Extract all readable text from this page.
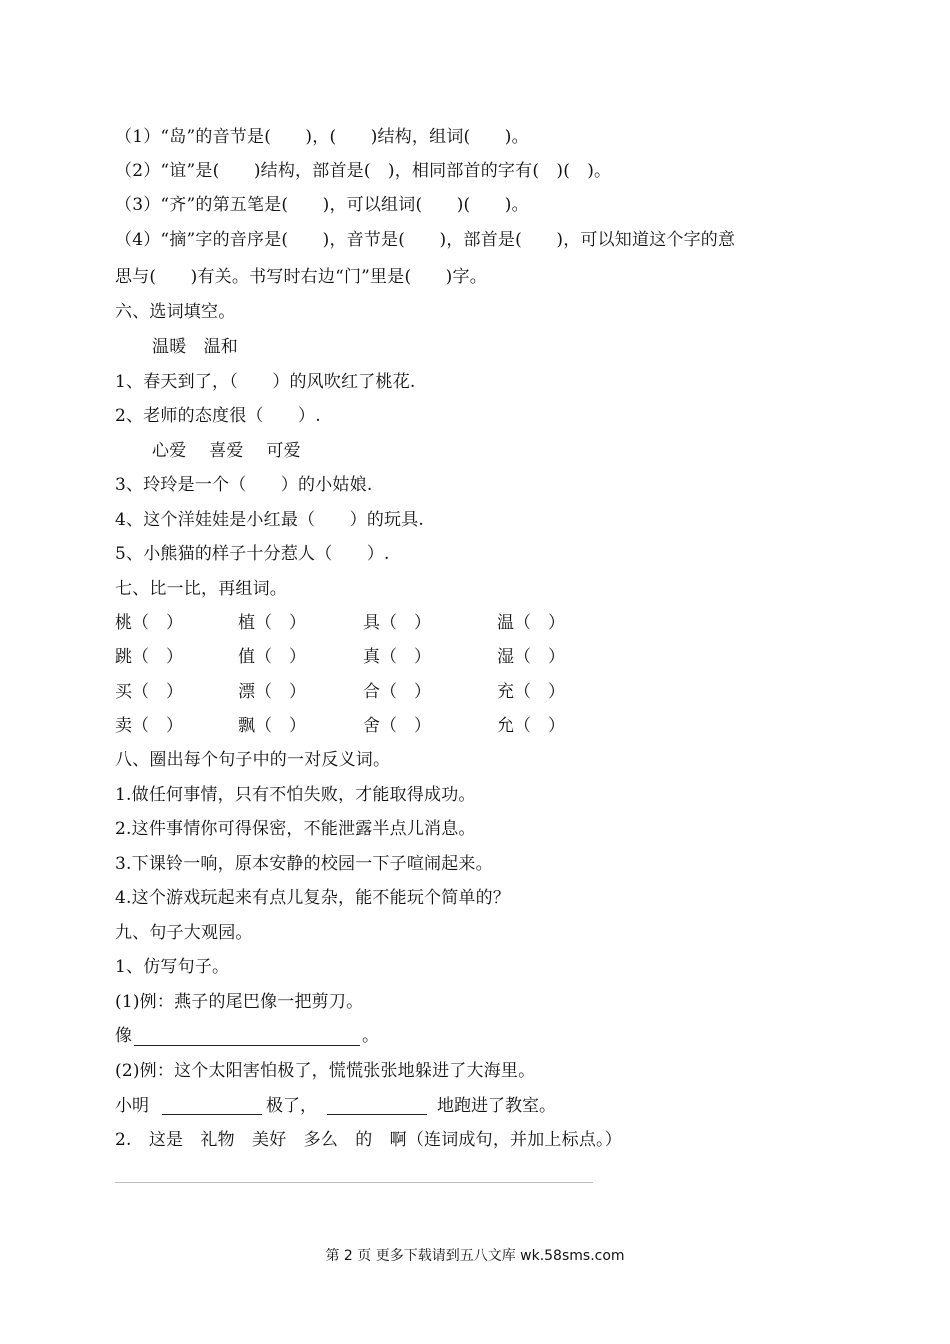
（1）“岛”的音节是(　　)，(　　)结构，组词(　　)。
（2）“谊”是(　　)结构，部首是(　)，相同部首的字有(　)(　)。
（3）“齐”的第五笔是(　　)，可以组词(　　)(　　)。
（4）“摘”字的音序是(　　)，音节是(　　)，部首是(　　)，可以知道这个字的意
思与(　　)有关。书写时右边“门”里是(　　)字。
六、选词填空。
温暖　温和
1、春天到了，（　　）的风吹红了桃花.
2、老师的态度很（　　）.
心爱　 喜爱　 可爱
3、玲玲是一个（　　）的小姑娘.
4、这个洋娃娃是小红最（　　）的玩具.
5、小熊猫的样子十分惹人（　　）.
七、比一比，再组词。
桃（　）	植（　）	具（　）	温（　）
跳（　）	值（　）	真（　）	湿（　）
买（　）	漂（　）	合（　）	充（　）
卖（　）	飘（　）	舍（　）	允（　）
八、圈出每个句子中的一对反义词。
1.做任何事情，只有不怕失败，才能取得成功。
2.这件事情你可得保密，不能泄露半点儿消息。
3.下课铃一响，原本安静的校园一下子喧闹起来。
4.这个游戏玩起来有点儿复杂，能不能玩个简单的？
九、句子大观园。
1、仿写句子。
(1)例：燕子的尾巴像一把剪刀。
像	。
(2)例：这个太阳害怕极了，慌慌张张地躲进了大海里。
小明	极了，	地跑进了教室。
2.　这是　礼物　美好　多么　的　啊（连词成句，并加上标点。）
第 2 页 更多下载请到五八文库 wk.58sms.com
